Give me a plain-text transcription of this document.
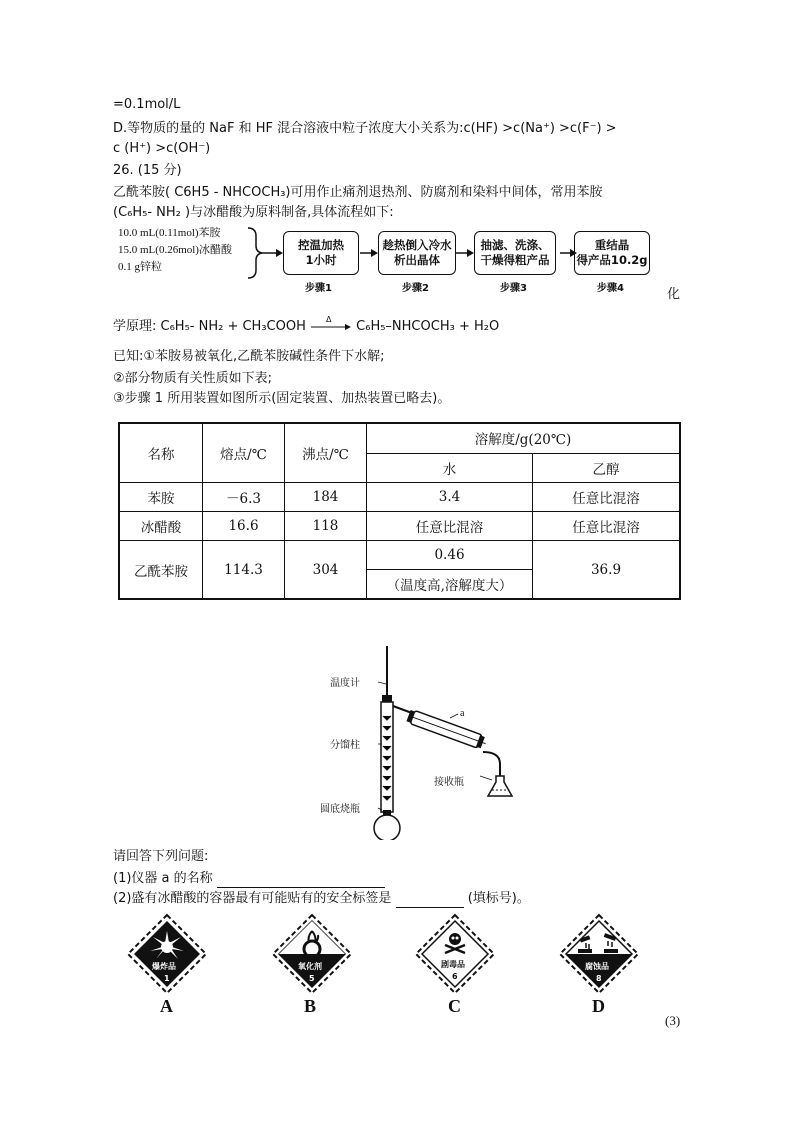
=0.1mol/L
D.等物质的量的 NaF 和 HF 混合溶液中粒子浓度大小关系为:c(HF) >c(Na⁺) >c(F⁻) >
c (H⁺) >c(OH⁻)
26. (15 分)
乙酰苯胺( C6H5 - NHCOCH₃)可用作止痛剂退热剂、防腐剂和染料中间体，常用苯胺
(C₆H₅- NH₂ )与冰醋酸为原料制备,具体流程如下:
10.0 mL(0.11mol)苯胺
15.0 mL(0.26mol)冰醋酸
0.1 g锌粒
控温加热
1小时
趁热倒入冷水
析出晶体
抽滤、洗涤、
干燥得粗产品
重结晶
得产品10.2g
步骤1	步骤2	步骤3	步骤4	化
学原理: C₆H₅- NH₂ + CH₃COOH	Δ C₆H₅–NHCOCH₃ + H₂O
已知:①苯胺易被氧化,乙酰苯胺碱性条件下水解;
②部分物质有关性质如下表;
③步骤 1 所用装置如图所示(固定装置、加热装置已略去)。
名称	熔点/℃	沸点/℃	溶解度/g(20℃)	
			水	乙醇
苯胺	－6.3	184	3.4	任意比混溶
冰醋酸	16.6	118	任意比混溶	任意比混溶
乙酰苯胺	114.3	304	0.46	36.9
			（温度高,溶解度大）	
温度计
分馏柱
圆底烧瓶
接收瓶
a
请回答下列问题:
(1)仪器 a 的名称
(2)盛有冰醋酸的容器最有可能贴有的安全标签是	(填标号)。
爆炸品
1
A
氧化剂
5
B
剧毒品
6
C
腐蚀品
8
D
(3)
